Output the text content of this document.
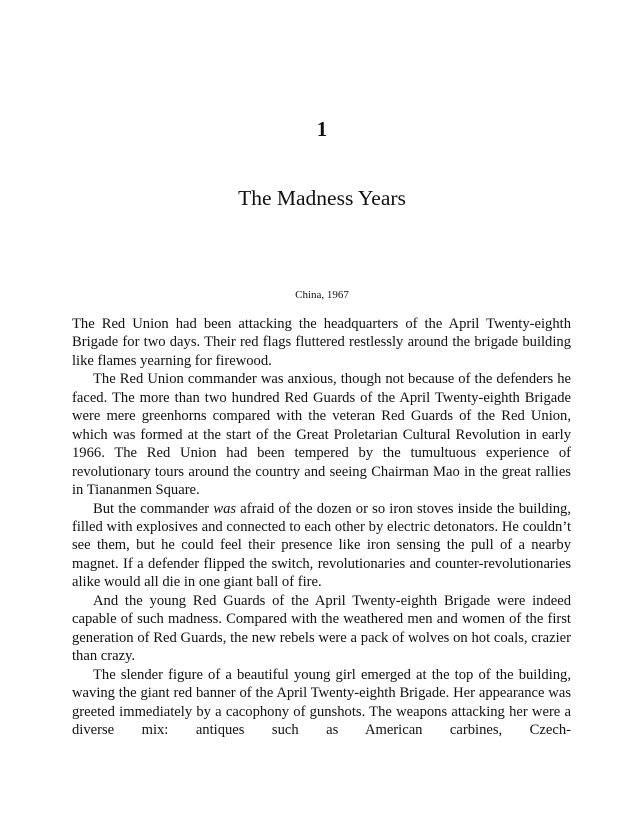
1
The Madness Years

China, 1967

The Red Union had been attacking the headquarters of the April Twenty-eighth Brigade for two days. Their red flags fluttered restlessly around the brigade building like flames yearning for firewood.

The Red Union commander was anxious, though not because of the defenders he faced. The more than two hundred Red Guards of the April Twenty-eighth Brigade were mere greenhorns compared with the veteran Red Guards of the Red Union, which was formed at the start of the Great Proletarian Cultural Revolution in early 1966. The Red Union had been tempered by the tumultuous experience of revolutionary tours around the country and seeing Chairman Mao in the great rallies in Tiananmen Square.

But the commander was afraid of the dozen or so iron stoves inside the building, filled with explosives and connected to each other by electric detonators. He couldn’t see them, but he could feel their presence like iron sensing the pull of a nearby magnet. If a defender flipped the switch, revolutionaries and counter-revolutionaries alike would all die in one giant ball of fire.

And the young Red Guards of the April Twenty-eighth Brigade were indeed capable of such madness. Compared with the weathered men and women of the first generation of Red Guards, the new rebels were a pack of wolves on hot coals, crazier than crazy.

The slender figure of a beautiful young girl emerged at the top of the building, waving the giant red banner of the April Twenty-eighth Brigade. Her appearance was greeted immediately by a cacophony of gunshots. The weapons attacking her were a diverse mix: antiques such as American carbines, Czech-
